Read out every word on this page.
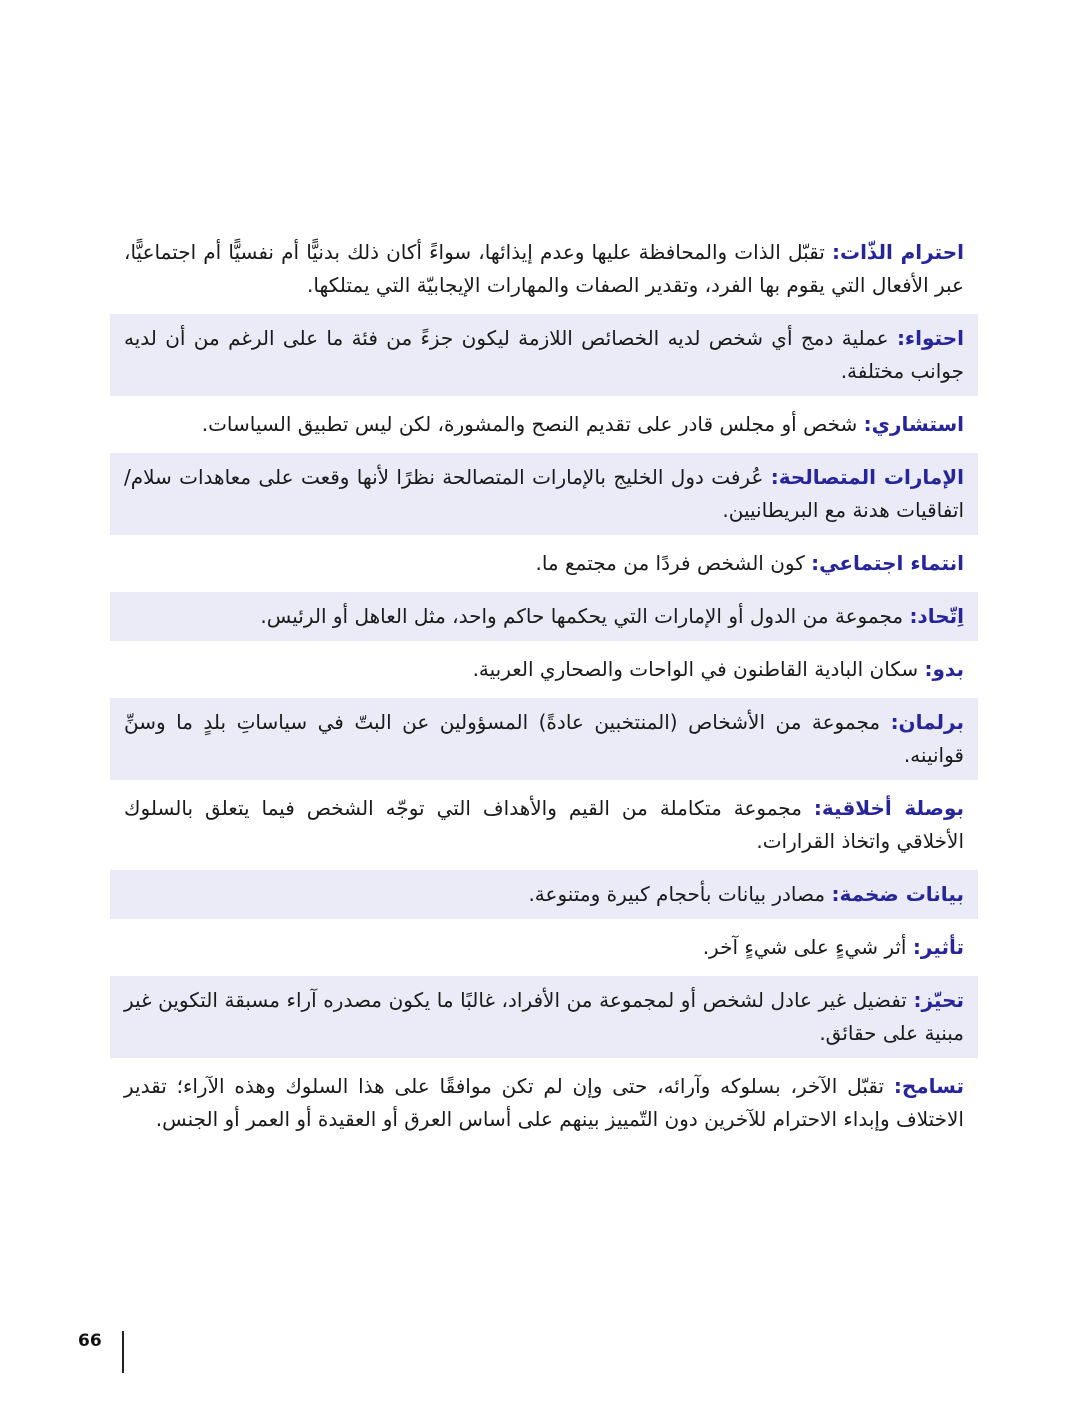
احترام الذّات: تقبّل الذات والمحافظة عليها وعدم إيذائها، سواءً أكان ذلك بدنيًّا أم نفسيًّا أم اجتماعيًّا، عبر الأفعال التي يقوم بها الفرد، وتقدير الصفات والمهارات الإيجابيّة التي يمتلكها.
احتواء: عملية دمج أي شخص لديه الخصائص اللازمة ليكون جزءً من فئة ما على الرغم من أن لديه جوانب مختلفة.
استشاري: شخص أو مجلس قادر على تقديم النصح والمشورة، لكن ليس تطبيق السياسات.
الإمارات المتصالحة: عُرفت دول الخليج بالإمارات المتصالحة نظرًا لأنها وقعت على معاهدات سلام/اتفاقيات هدنة مع البريطانيين.
انتماء اجتماعي: كون الشخص فردًا من مجتمع ما.
اِتّحاد: مجموعة من الدول أو الإمارات التي يحكمها حاكم واحد، مثل العاهل أو الرئيس.
بدو: سكان البادية القاطنون في الواحات والصحاري العربية.
برلمان: مجموعة من الأشخاص (المنتخبين عادةً) المسؤولين عن البتّ في سياساتِ بلدٍ ما وسنِّ قوانينه.
بوصلة أخلاقية: مجموعة متكاملة من القيم والأهداف التي توجّه الشخص فيما يتعلق بالسلوك الأخلاقي واتخاذ القرارات.
بيانات ضخمة: مصادر بيانات بأحجام كبيرة ومتنوعة.
تأثير: أثر شيءٍ على شيءٍ آخر.
تحيّز: تفضيل غير عادل لشخص أو لمجموعة من الأفراد، غالبًا ما يكون مصدره آراء مسبقة التكوين غير مبنية على حقائق.
تسامح: تقبّل الآخر، بسلوكه وآرائه، حتى وإن لم تكن موافقًا على هذا السلوك وهذه الآراء؛ تقدير الاختلاف وإبداء الاحترام للآخرين دون التّمييز بينهم على أساس العرق أو العقيدة أو العمر أو الجنس.
66
